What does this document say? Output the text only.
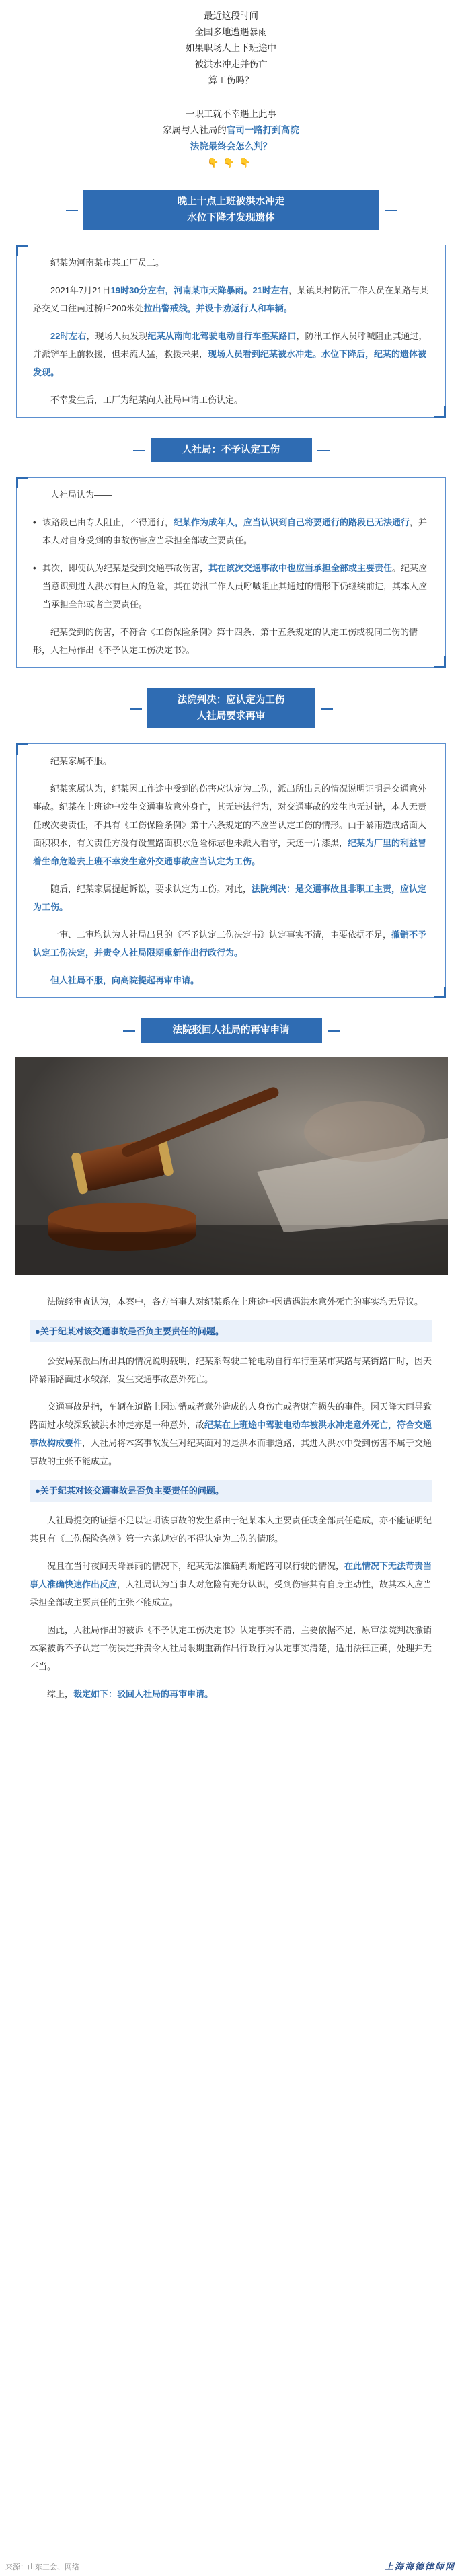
最近这段时间
全国多地遭遇暴雨
如果职场人上下班途中
被洪水冲走并伤亡
算工伤吗？
一职工就不幸遇上此事
家属与人社局的官司一路打到高院
法院最终会怎么判？
👇👇👇
晚上十点上班被洪水冲走
水位下降才发现遗体

纪某为河南某市某工厂员工。

2021年7月21日19时30分左右，河南某市天降暴雨。21时左右，某镇某村防汛工作人员在某路与某路交叉口往南过桥后200米处拉出警戒线，并设卡劝返行人和车辆。

22时左右，现场人员发现纪某从南向北驾驶电动自行车至某路口，防汛工作人员呼喊阻止其通过，并派铲车上前救援，但未流大猛，救援未果，现场人员看到纪某被水冲走。水位下降后，纪某的遗体被发现。

不幸发生后，工厂为纪某向人社局申请工伤认定。

人社局：不予认定工伤

人社局认为——

• 该路段已由专人阻止，不得通行，纪某作为成年人，应当认识到自己将要通行的路段已无法通行，并本人对自身受到的事故伤害应当承担全部或主要责任。
• 其次，即使认为纪某是受到交通事故伤害，其在该次交通事故中也应当承担全部或主要责任。纪某应当意识到进入洪水有巨大的危险，其在防汛工作人员呼喊阻止其通过的情形下仍继续前进，其本人应当承担全部或者主要责任。

纪某受到的伤害，不符合《工伤保险条例》第十四条、第十五条规定的认定工伤或视同工伤的情形，人社局作出《不予认定工伤决定书》。

法院判决：应认定为工伤
人社局要求再审

纪某家属不服。

纪某家属认为，纪某因工作途中受到的伤害应认定为工伤，派出所出具的情况说明证明是交通意外事故。纪某在上班途中发生交通事故意外身亡，其无违法行为，对交通事故的发生也无过错，本人无责任或次要责任，不具有《工伤保险条例》第十六条规定的不应当认定工伤的情形。由于暴雨造成路面大面积积水，有关责任方没有设置路面积水危险标志也未派人看守，天还一片漆黑，纪某为厂里的利益冒着生命危险去上班不幸发生意外交通事故应当认定为工伤。

随后，纪某家属提起诉讼，要求认定为工伤。对此，法院判决：是交通事故且非职工主责，应认定为工伤。

一审、二审均认为人社局出具的《不予认定工伤决定书》认定事实不清，主要依据不足，撤销不予认定工伤决定，并责令人社局限期重新作出行政行为。

但人社局不服，向高院提起再审申请。

法院驳回人社局的再审申请

法院经审查认为，本案中，各方当事人对纪某系在上班途中因遭遇洪水意外死亡的事实均无异议。

●关于纪某对该交通事故是否负主要责任的问题。

公安局某派出所出具的情况说明载明，纪某系驾驶二轮电动自行车行至某市某路与某街路口时，因天降暴雨路面过水较深，发生交通事故意外死亡。

交通事故是指，车辆在道路上因过错或者意外造成的人身伤亡或者财产损失的事件。因天降大雨导致路面过水较深致被洪水冲走亦是一种意外，故纪某在上班途中驾驶电动车被洪水冲走意外死亡，符合交通事故构成要件，人社局将本案事故发生对纪某面对的是洪水而非道路，其进入洪水中受到伤害不属于交通事故的主张不能成立。

●关于纪某对该交通事故是否负主要责任的问题。

人社局提交的证据不足以证明该事故的发生系由于纪某本人主要责任或全部责任造成，亦不能证明纪某具有《工伤保险条例》第十六条规定的不得认定为工伤的情形。

况且在当时夜间天降暴雨的情况下，纪某无法准确判断道路可以行驶的情况，在此情况下无法苛责当事人准确快速作出反应，人社局认为当事人对危险有充分认识，受到伤害其有自身主动性，故其本人应当承担全部或主要责任的主张不能成立。

因此，人社局作出的被诉《不予认定工伤决定书》认定事实不清，主要依据不足，原审法院判决撤销本案被诉不予认定工伤决定并责令人社局限期重新作出行政行为认定事实清楚，适用法律正确，处理并无不当。

综上，裁定如下：驳回人社局的再审申请。

来源：山东工会、网络	上海海德律师网
